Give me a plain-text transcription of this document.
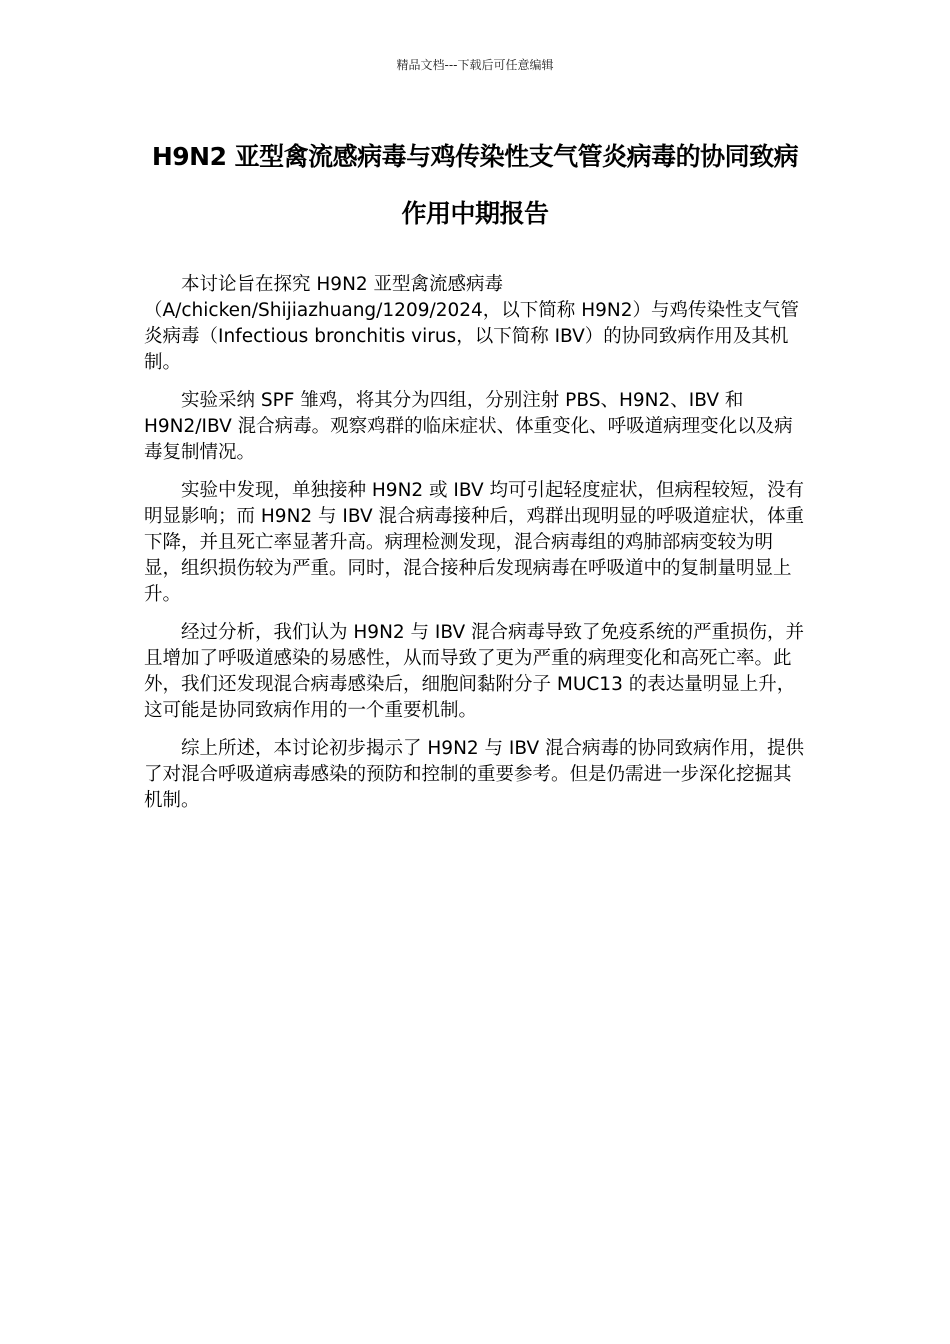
精品文档---下载后可任意编辑
H9N2 亚型禽流感病毒与鸡传染性支气管炎病毒的协同致病作用中期报告

本讨论旨在探究 H9N2 亚型禽流感病毒（A/chicken/Shijiazhuang/1209/2024，以下简称 H9N2）与鸡传染性支气管炎病毒（Infectious bronchitis virus，以下简称 IBV）的协同致病作用及其机制。

实验采纳 SPF 雏鸡，将其分为四组，分别注射 PBS、H9N2、IBV 和 H9N2/IBV 混合病毒。观察鸡群的临床症状、体重变化、呼吸道病理变化以及病毒复制情况。

实验中发现，单独接种 H9N2 或 IBV 均可引起轻度症状，但病程较短，没有明显影响；而 H9N2 与 IBV 混合病毒接种后，鸡群出现明显的呼吸道症状，体重下降，并且死亡率显著升高。病理检测发现，混合病毒组的鸡肺部病变较为明显，组织损伤较为严重。同时，混合接种后发现病毒在呼吸道中的复制量明显上升。

经过分析，我们认为 H9N2 与 IBV 混合病毒导致了免疫系统的严重损伤，并且增加了呼吸道感染的易感性，从而导致了更为严重的病理变化和高死亡率。此外，我们还发现混合病毒感染后，细胞间黏附分子 MUC13 的表达量明显上升，这可能是协同致病作用的一个重要机制。

综上所述，本讨论初步揭示了 H9N2 与 IBV 混合病毒的协同致病作用，提供了对混合呼吸道病毒感染的预防和控制的重要参考。但是仍需进一步深化挖掘其机制。
